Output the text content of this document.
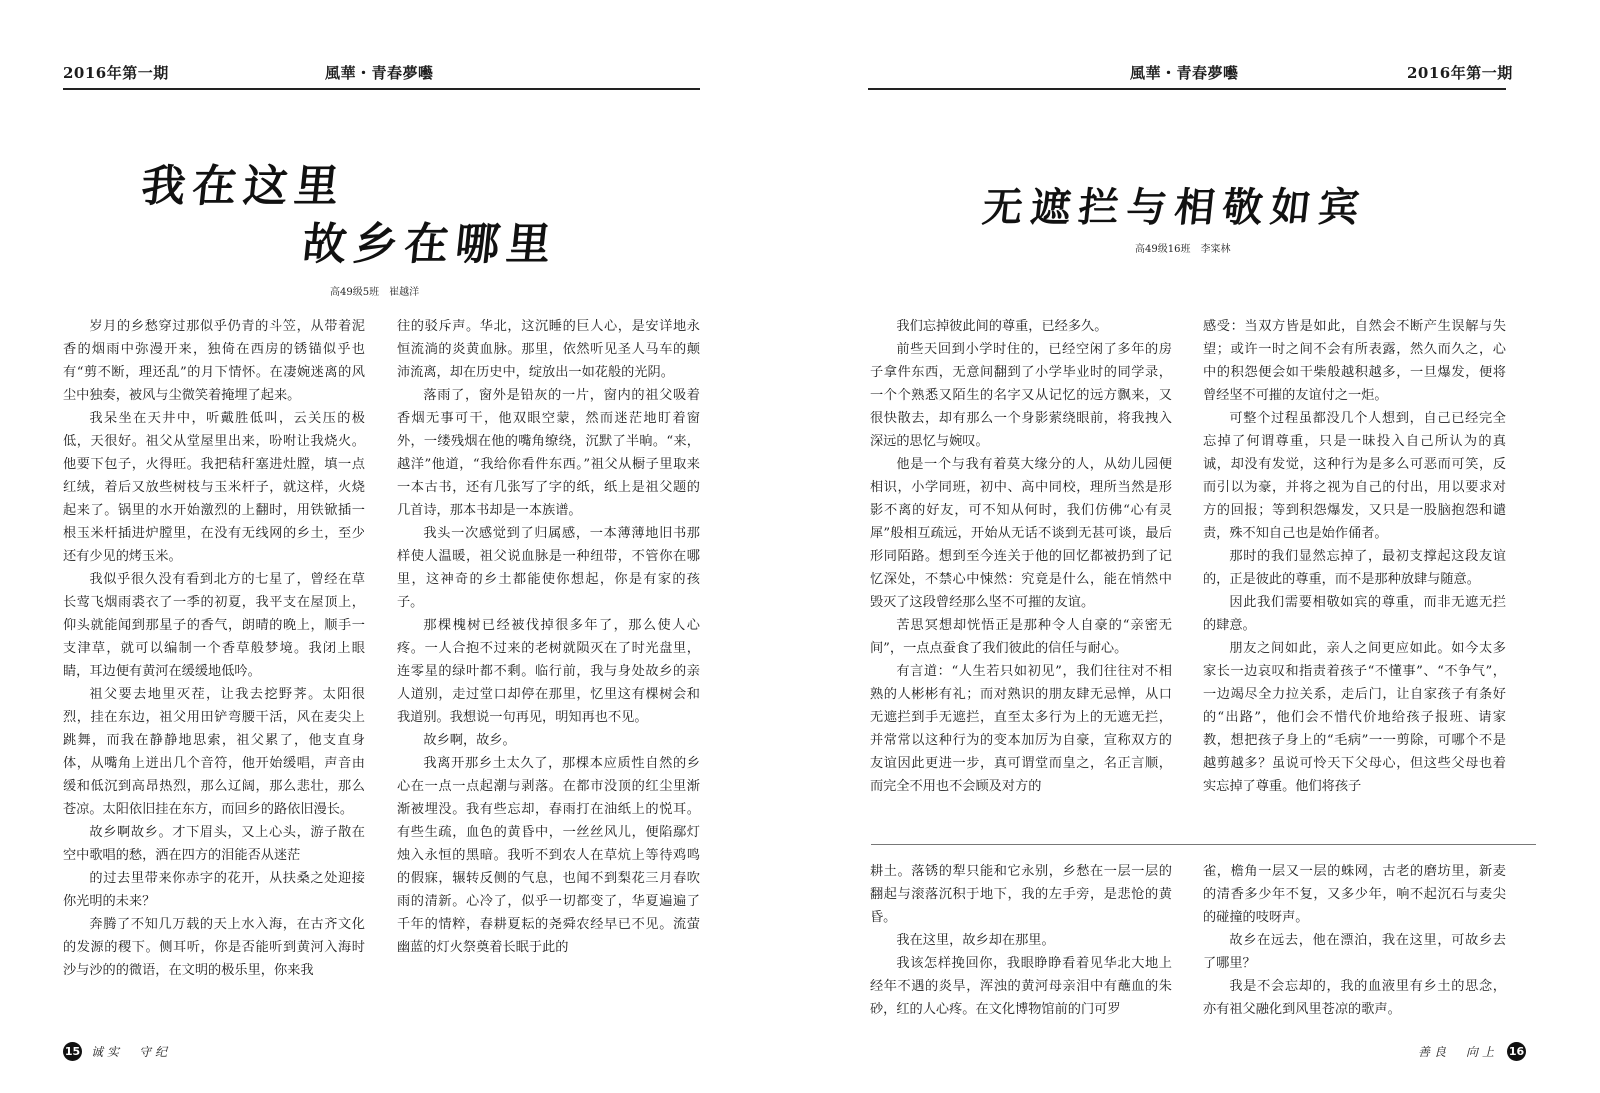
2016年第一期	風華・青春夢囈
我在这里
故乡在哪里
高49级5班　崔越洋

岁月的乡愁穿过那似乎仍青的斗笠，从带着泥香的烟雨中弥漫开来，独倚在西房的锈锚似乎也有“剪不断，理还乱”的月下情怀。在凄婉迷离的风尘中独奏，被风与尘微笑着掩埋了起来。

我呆坐在天井中，听戴胜低叫，云关压的极低，天很好。祖父从堂屋里出来，吩咐让我烧火。他要下包子，火得旺。我把秸秆塞进灶膛，填一点红绒，着后又放些树枝与玉米杆子，就这样，火烧起来了。锅里的水开始激烈的上翻时，用铁锨插一根玉米杆插进炉膛里，在没有无线网的乡土，至少还有少见的烤玉米。

我似乎很久没有看到北方的七星了，曾经在草长莺飞烟雨裘衣了一季的初夏，我平支在屋顶上，仰头就能闻到那星子的香气，朗晴的晚上，顺手一支津草，就可以编制一个香草般梦境。我闭上眼睛，耳边便有黄河在缓缓地低吟。

祖父要去地里灭茬，让我去挖野荠。太阳很烈，挂在东边，祖父用田铲弯腰干活，风在麦尖上跳舞，而我在静静地思索，祖父累了，他支直身体，从嘴角上迸出几个音符，他开始缓唱，声音由缓和低沉到高昂热烈，那么辽阔，那么悲壮，那么苍凉。太阳依旧挂在东方，而回乡的路依旧漫长。

故乡啊故乡。才下眉头，又上心头，游子散在空中歌唱的愁，洒在四方的泪能否从迷茫

的过去里带来你赤字的花开，从扶桑之处迎接你光明的未来？

奔腾了不知几万载的天上水入海，在古齐文化的发源的稷下。侧耳听，你是否能听到黄河入海时沙与沙的的微语，在文明的极乐里，你来我

往的驳斥声。华北，这沉睡的巨人心，是安详地永恒流淌的炎黄血脉。那里，依然听见圣人马车的颠沛流离，却在历史中，绽放出一如花般的光阴。

落雨了，窗外是铅灰的一片，窗内的祖父吸着香烟无事可干，他双眼空蒙，然而迷茫地盯着窗外，一缕残烟在他的嘴角缭绕，沉默了半晌。“来，越洋”他道，“我给你看件东西。”祖父从橱子里取来一本古书，还有几张写了字的纸，纸上是祖父题的几首诗，那本书却是一本族谱。

我头一次感觉到了归属感，一本薄薄地旧书那样使人温暖，祖父说血脉是一种纽带，不管你在哪里，这神奇的乡土都能使你想起，你是有家的孩子。

那棵槐树已经被伐掉很多年了，那么使人心疼。一人合抱不过来的老树就陨灭在了时光盘里，连零星的绿叶都不剩。临行前，我与身处故乡的亲人道别，走过堂口却停在那里，忆里这有棵树会和我道别。我想说一句再见，明知再也不见。

故乡啊，故乡。

我离开那乡土太久了，那棵本应质性自然的乡心在一点一点起潮与剥落。在都市没顶的红尘里渐渐被埋没。我有些忘却，春雨打在油纸上的悦耳。有些生疏，血色的黄昏中，一丝丝风儿，便陷鄢灯烛入永恒的黑暗。我听不到农人在草炕上等待鸡鸣的假寐，辗转反侧的气息，也闻不到梨花三月春吹雨的清新。心冷了，似乎一切都变了，华夏遍遍了千年的情粹，春耕夏耘的尧舜农经早已不见。流萤幽蓝的灯火祭奠着长眠于此的

15 诚实　守纪
風華・青春夢囈	2016年第一期
无遮拦与相敬如宾
高49级16班　李寀林

我们忘掉彼此间的尊重，已经多久。

前些天回到小学时住的，已经空闲了多年的房子拿件东西，无意间翻到了小学毕业时的同学录，一个个熟悉又陌生的名字又从记忆的远方飘来，又很快散去，却有那么一个身影萦绕眼前，将我拽入深远的思忆与婉叹。

他是一个与我有着莫大缘分的人，从幼儿园便相识，小学同班，初中、高中同校，理所当然是形影不离的好友，可不知从何时，我们仿佛“心有灵犀”般相互疏远，开始从无话不谈到无甚可谈，最后形同陌路。想到至今连关于他的回忆都被扔到了记忆深处，不禁心中悚然：究竟是什么，能在悄然中毁灭了这段曾经那么坚不可摧的友谊。

苦思冥想却恍悟正是那种令人自豪的“亲密无间”，一点点蚕食了我们彼此的信任与耐心。

有言道：“人生若只如初见”，我们往往对不相熟的人彬彬有礼；而对熟识的朋友肆无忌惮，从口无遮拦到手无遮拦，直至太多行为上的无遮无拦，并常常以这种行为的变本加厉为自豪，宣称双方的友谊因此更进一步，真可谓堂而皇之，名正言顺，而完全不用也不会顾及对方的

感受：当双方皆是如此，自然会不断产生误解与失望；或许一时之间不会有所表露，然久而久之，心中的积怨便会如干柴般越积越多，一旦爆发，便将曾经坚不可摧的友谊付之一炬。

可整个过程虽都没几个人想到，自己已经完全忘掉了何谓尊重，只是一昧投入自己所认为的真诚，却没有发觉，这种行为是多么可恶而可笑，反而引以为豪，并将之视为自己的付出，用以要求对方的回报；等到积怨爆发，又只是一股脑抱怨和谴责，殊不知自己也是始作俑者。

那时的我们显然忘掉了，最初支撑起这段友谊的，正是彼此的尊重，而不是那种放肆与随意。

因此我们需要相敬如宾的尊重，而非无遮无拦的肆意。

朋友之间如此，亲人之间更应如此。如今太多家长一边哀叹和指责着孩子“不懂事”、“不争气”，一边竭尽全力拉关系，走后门，让自家孩子有条好的“出路”，他们会不惜代价地给孩子报班、请家教，想把孩子身上的“毛病”一一剪除，可哪个不是越剪越多？虽说可怜天下父母心，但这些父母也着实忘掉了尊重。他们将孩子

耕土。落锈的犁只能和它永别，乡愁在一层一层的翻起与滚落沉积于地下，我的左手旁，是悲怆的黄昏。

我在这里，故乡却在那里。

我该怎样挽回你，我眼睁睁看着见华北大地上经年不遇的炎旱，浑浊的黄河母亲泪中有蘸血的朱砂，红的人心疼。在文化博物馆前的门可罗

雀，檐角一层又一层的蛛网，古老的磨坊里，新麦的清香多少年不复，又多少年，响不起沉石与麦尖的碰撞的吱呀声。

故乡在远去，他在漂泊，我在这里，可故乡去了哪里？

我是不会忘却的，我的血液里有乡土的思念，亦有祖父融化到风里苍凉的歌声。

善良　向上 16
